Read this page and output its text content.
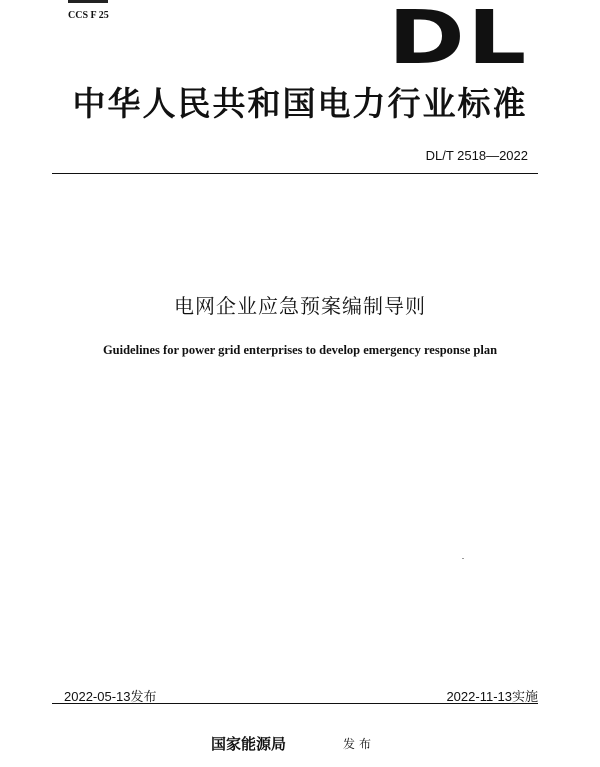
CCS F 25	DL
中华人民共和国电力行业标准
DL/T 2518—2022
电网企业应急预案编制导则
Guidelines for power grid enterprises to develop emergency response plan
2022-05-13发布	2022-11-13实施
国家能源局	发布
